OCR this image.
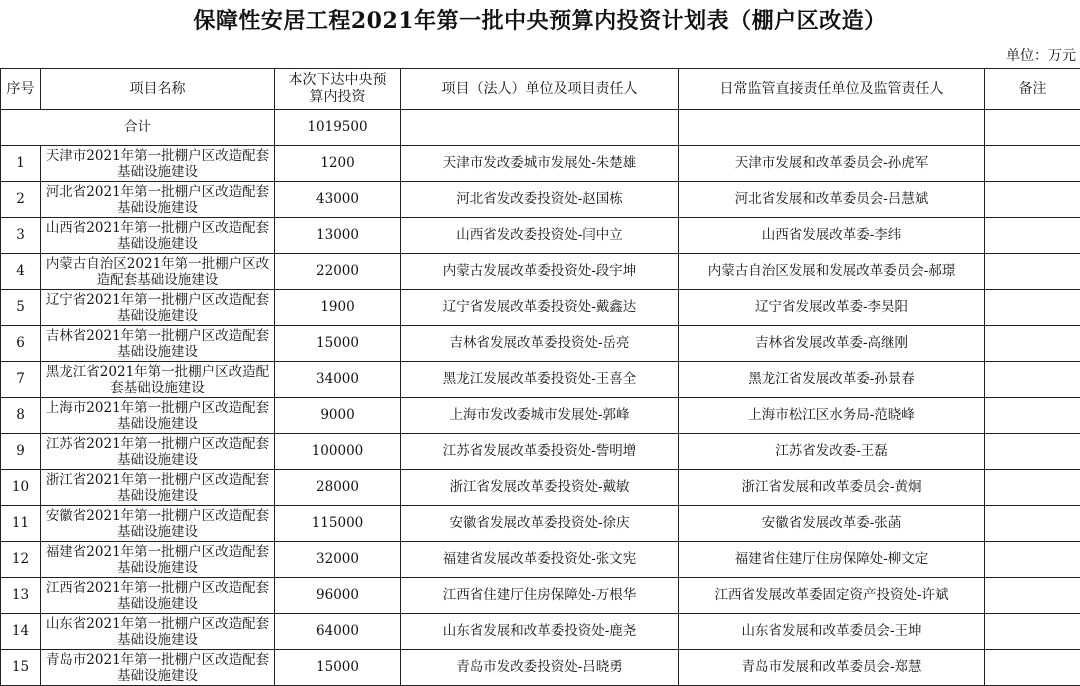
保障性安居工程2021年第一批中央预算内投资计划表（棚户区改造）
单位：万元
序号	项目名称	本次下达中央预算内投资	项目（法人）单位及项目责任人	日常监管直接责任单位及监管责任人	备注
合计		1019500			
1	天津市2021年第一批棚户区改造配套基础设施建设	1200	天津市发改委城市发展处-朱楚雄	天津市发展和改革委员会-孙虎军	
2	河北省2021年第一批棚户区改造配套基础设施建设	43000	河北省发改委投资处-赵国栋	河北省发展和改革委员会-吕慧斌	
3	山西省2021年第一批棚户区改造配套基础设施建设	13000	山西省发改委投资处-闫中立	山西省发展改革委-李纬	
4	内蒙古自治区2021年第一批棚户区改造配套基础设施建设	22000	内蒙古发展改革委投资处-段宇坤	内蒙古自治区发展和发展改革委员会-郝璟	
5	辽宁省2021年第一批棚户区改造配套基础设施建设	1900	辽宁省发展改革委投资处-戴鑫达	辽宁省发展改革委-李昊阳	
6	吉林省2021年第一批棚户区改造配套基础设施建设	15000	吉林省发展改革委投资处-岳亮	吉林省发展改革委-高继刚	
7	黑龙江省2021年第一批棚户区改造配套基础设施建设	34000	黑龙江发展改革委投资处-王喜全	黑龙江省发展改革委-孙景春	
8	上海市2021年第一批棚户区改造配套基础设施建设	9000	上海市发改委城市发展处-郭峰	上海市松江区水务局-范晓峰	
9	江苏省2021年第一批棚户区改造配套基础设施建设	100000	江苏省发展改革委投资处-訾明增	江苏省发改委-王磊	
10	浙江省2021年第一批棚户区改造配套基础设施建设	28000	浙江省发展改革委投资处-戴敏	浙江省发展和改革委员会-黄炯	
11	安徽省2021年第一批棚户区改造配套基础设施建设	115000	安徽省发展改革委投资处-徐庆	安徽省发展改革委-张菡	
12	福建省2021年第一批棚户区改造配套基础设施建设	32000	福建省发展改革委投资处-张文宪	福建省住建厅住房保障处-柳文定	
13	江西省2021年第一批棚户区改造配套基础设施建设	96000	江西省住建厅住房保障处-万根华	江西省发展改革委固定资产投资处-许斌	
14	山东省2021年第一批棚户区改造配套基础设施建设	64000	山东省发展和改革委投资处-鹿尧	山东省发展和改革委员会-王坤	
15	青岛市2021年第一批棚户区改造配套基础设施建设	15000	青岛市发改委投资处-吕晓勇	青岛市发展和改革委员会-郑慧	
